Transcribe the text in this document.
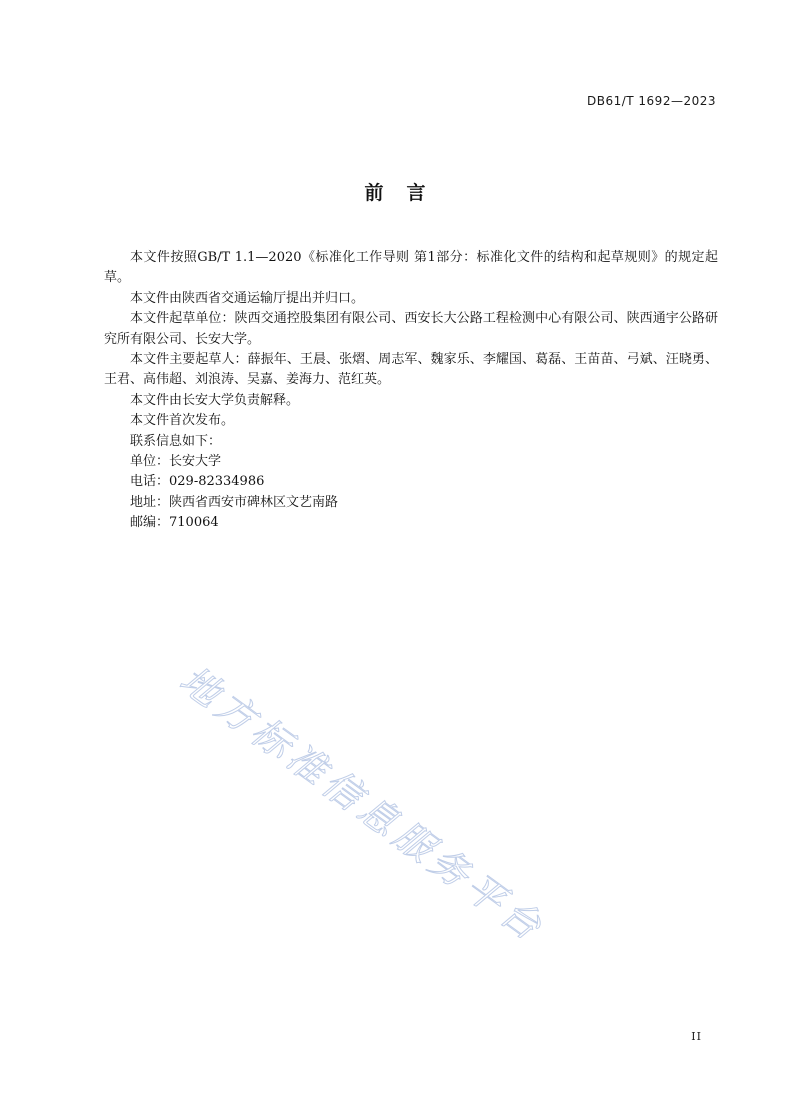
DB61/T 1692—2023
前　言

本文件按照GB/T 1.1—2020《标准化工作导则 第1部分：标准化文件的结构和起草规则》的规定起草。

本文件由陕西省交通运输厅提出并归口。

本文件起草单位：陕西交通控股集团有限公司、西安长大公路工程检测中心有限公司、陕西通宇公路研究所有限公司、长安大学。

本文件主要起草人：薛振年、王晨、张熠、周志军、魏家乐、李耀国、葛磊、王苗苗、弓斌、汪晓勇、王君、高伟超、刘浪涛、吴嘉、姜海力、范红英。

本文件由长安大学负责解释。

本文件首次发布。

联系信息如下：

单位：长安大学

电话：029-82334986

地址：陕西省西安市碑林区文艺南路

邮编：710064

地方标准信息服务平台
II
